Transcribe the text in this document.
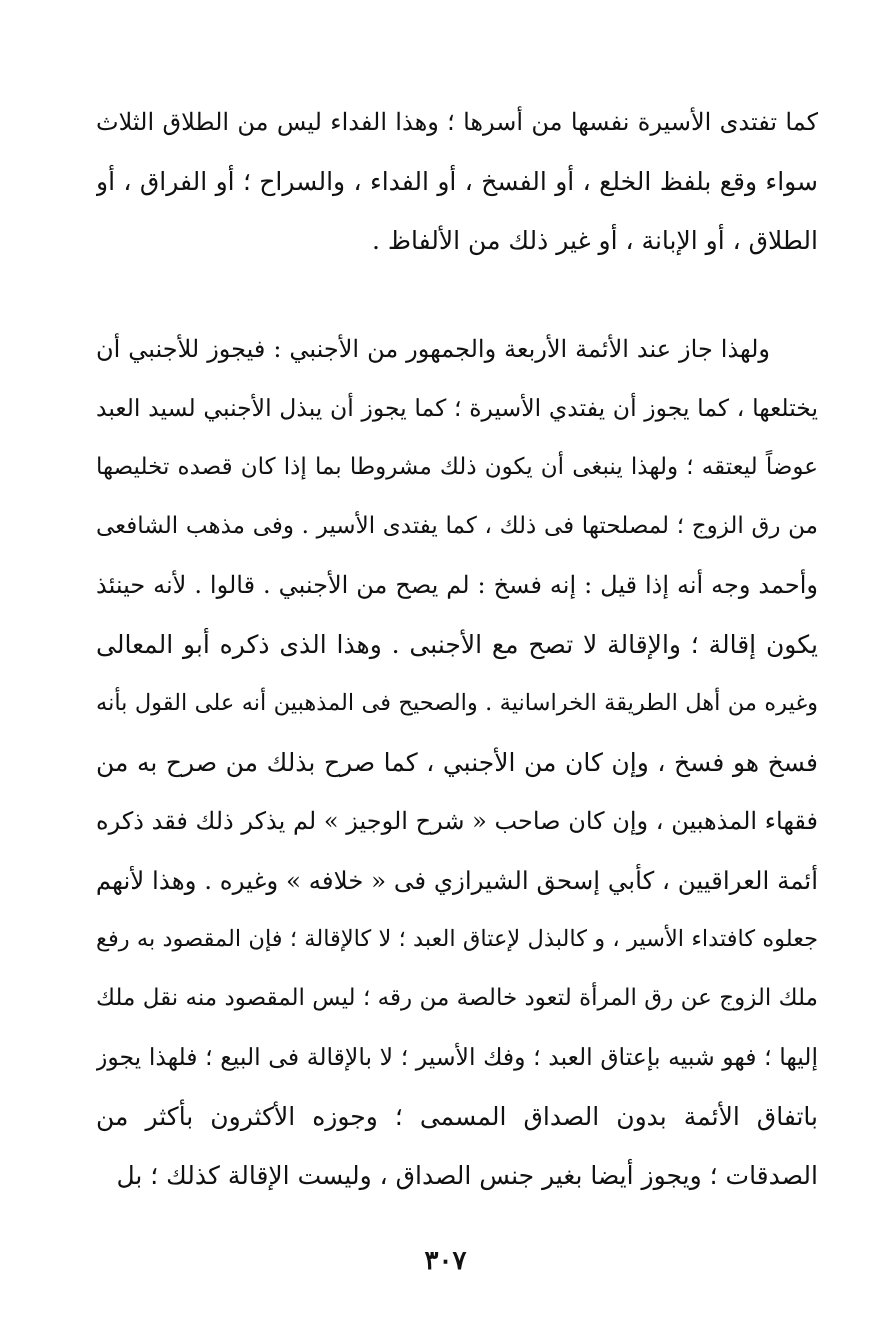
كما تفتدى الأسيرة نفسها من أسرها ؛ وهذا الفداء ليس من الطلاق الثلاث
سواء وقع بلفظ الخلع ، أو الفسخ ، أو الفداء ، والسراح ؛ أو الفراق ، أو
الطلاق ، أو الإبانة ، أو غير ذلك من الألفاظ .
ولهذا جاز عند الأئمة الأربعة والجمهور من الأجنبي : فيجوز للأجنبي أن
يختلعها ، كما يجوز أن يفتدي الأسيرة ؛ كما يجوز أن يبذل الأجنبي لسيد العبد
عوضاً ليعتقه ؛ ولهذا ينبغى أن يكون ذلك مشروطا بما إذا كان قصده تخليصها
من رق الزوج ؛ لمصلحتها فى ذلك ، كما يفتدى الأسير . وفى مذهب الشافعى
وأحمد وجه أنه إذا قيل : إنه فسخ : لم يصح من الأجنبي . قالوا . لأنه حينئذ
يكون إقالة ؛ والإقالة لا تصح مع الأجنبى . وهذا الذى ذكره أبو المعالى
وغيره من أهل الطريقة الخراسانية . والصحيح فى المذهبين أنه على القول بأنه
فسخ هو فسخ ، وإن كان من الأجنبي ، كما صرح بذلك من صرح به من
فقهاء المذهبين ، وإن كان صاحب « شرح الوجيز » لم يذكر ذلك فقد ذكره
أئمة العراقيين ، كأبي إسحق الشيرازي فى « خلافه » وغيره . وهذا لأنهم
جعلوه كافتداء الأسير ، و كالبذل لإعتاق العبد ؛ لا كالإقالة ؛ فإن المقصود به رفع
ملك الزوج عن رق المرأة لتعود خالصة من رقه ؛ ليس المقصود منه نقل ملك
إليها ؛ فهو شبيه بإعتاق العبد ؛ وفك الأسير ؛ لا بالإقالة فى البيع ؛ فلهذا يجوز
باتفاق الأئمة بدون الصداق المسمى ؛ وجوزه الأكثرون بأكثر من
الصدقات ؛ ويجوز أيضا بغير جنس الصداق ، وليست الإقالة كذلك ؛ بل
٣٠٧
